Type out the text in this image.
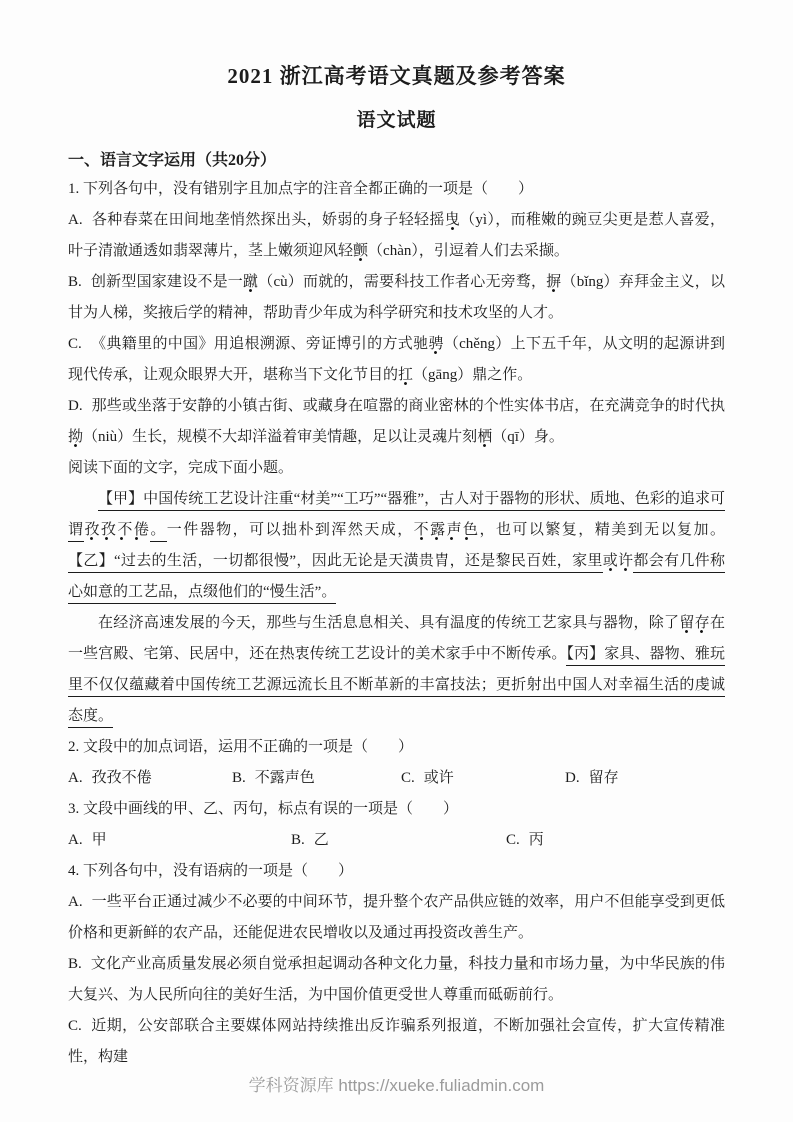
2021 浙江高考语文真题及参考答案
语文试题
一、语言文字运用（共20分）

1. 下列各句中，没有错别字且加点字的注音全都正确的一项是（　　）

A. 各种春菜在田间地垄悄然探出头，娇弱的身子轻轻摇曳（yì），而稚嫩的豌豆尖更是惹人喜爱，叶子清澈通透如翡翠薄片，茎上嫩须迎风轻颤（chàn），引逗着人们去采撷。

B. 创新型国家建设不是一蹴（cù）而就的，需要科技工作者心无旁骛，摒（bǐng）弃拜金主义，以甘为人梯，奖掖后学的精神，帮助青少年成为科学研究和技术攻坚的人才。

C. 《典籍里的中国》用追根溯源、旁证博引的方式驰骋（chěng）上下五千年，从文明的起源讲到现代传承，让观众眼界大开，堪称当下文化节目的扛（gāng）鼎之作。

D. 那些或坐落于安静的小镇古街、或藏身在喧嚣的商业密林的个性实体书店，在充满竞争的时代执拗（niù）生长，规模不大却洋溢着审美情趣，足以让灵魂片刻栖（qī）身。

阅读下面的文字，完成下面小题。

【甲】中国传统工艺设计注重“材美”“工巧”“器雅”，古人对于器物的形状、质地、色彩的追求可谓孜孜不倦。一件器物，可以拙朴到浑然天成，不露声色，也可以繁复，精美到无以复加。【乙】“过去的生活，一切都很慢”，因此无论是天潢贵胄，还是黎民百姓，家里或许都会有几件称心如意的工艺品，点缀他们的“慢生活”。

在经济高速发展的今天，那些与生活息息相关、具有温度的传统工艺家具与器物，除了留存在一些宫殿、宅第、民居中，还在热衷传统工艺设计的美术家手中不断传承。【丙】家具、器物、雅玩里不仅仅蕴藏着中国传统工艺源远流长且不断革新的丰富技法；更折射出中国人对幸福生活的虔诚态度。

2. 文段中的加点词语，运用不正确的一项是（　　）

A. 孜孜不倦	B. 不露声色	C. 或许	D. 留存

3. 文段中画线的甲、乙、丙句，标点有误的一项是（　　）

A. 甲	B. 乙	C. 丙

4. 下列各句中，没有语病的一项是（　　）

A. 一些平台正通过减少不必要的中间环节，提升整个农产品供应链的效率，用户不但能享受到更低价格和更新鲜的农产品，还能促进农民增收以及通过再投资改善生产。

B. 文化产业高质量发展必须自觉承担起调动各种文化力量，科技力量和市场力量，为中华民族的伟大复兴、为人民所向往的美好生活，为中国价值更受世人尊重而砥砺前行。

C. 近期，公安部联合主要媒体网站持续推出反诈骗系列报道，不断加强社会宣传，扩大宣传精准性，构建

学科资源库 https://xueke.fuliadmin.com
